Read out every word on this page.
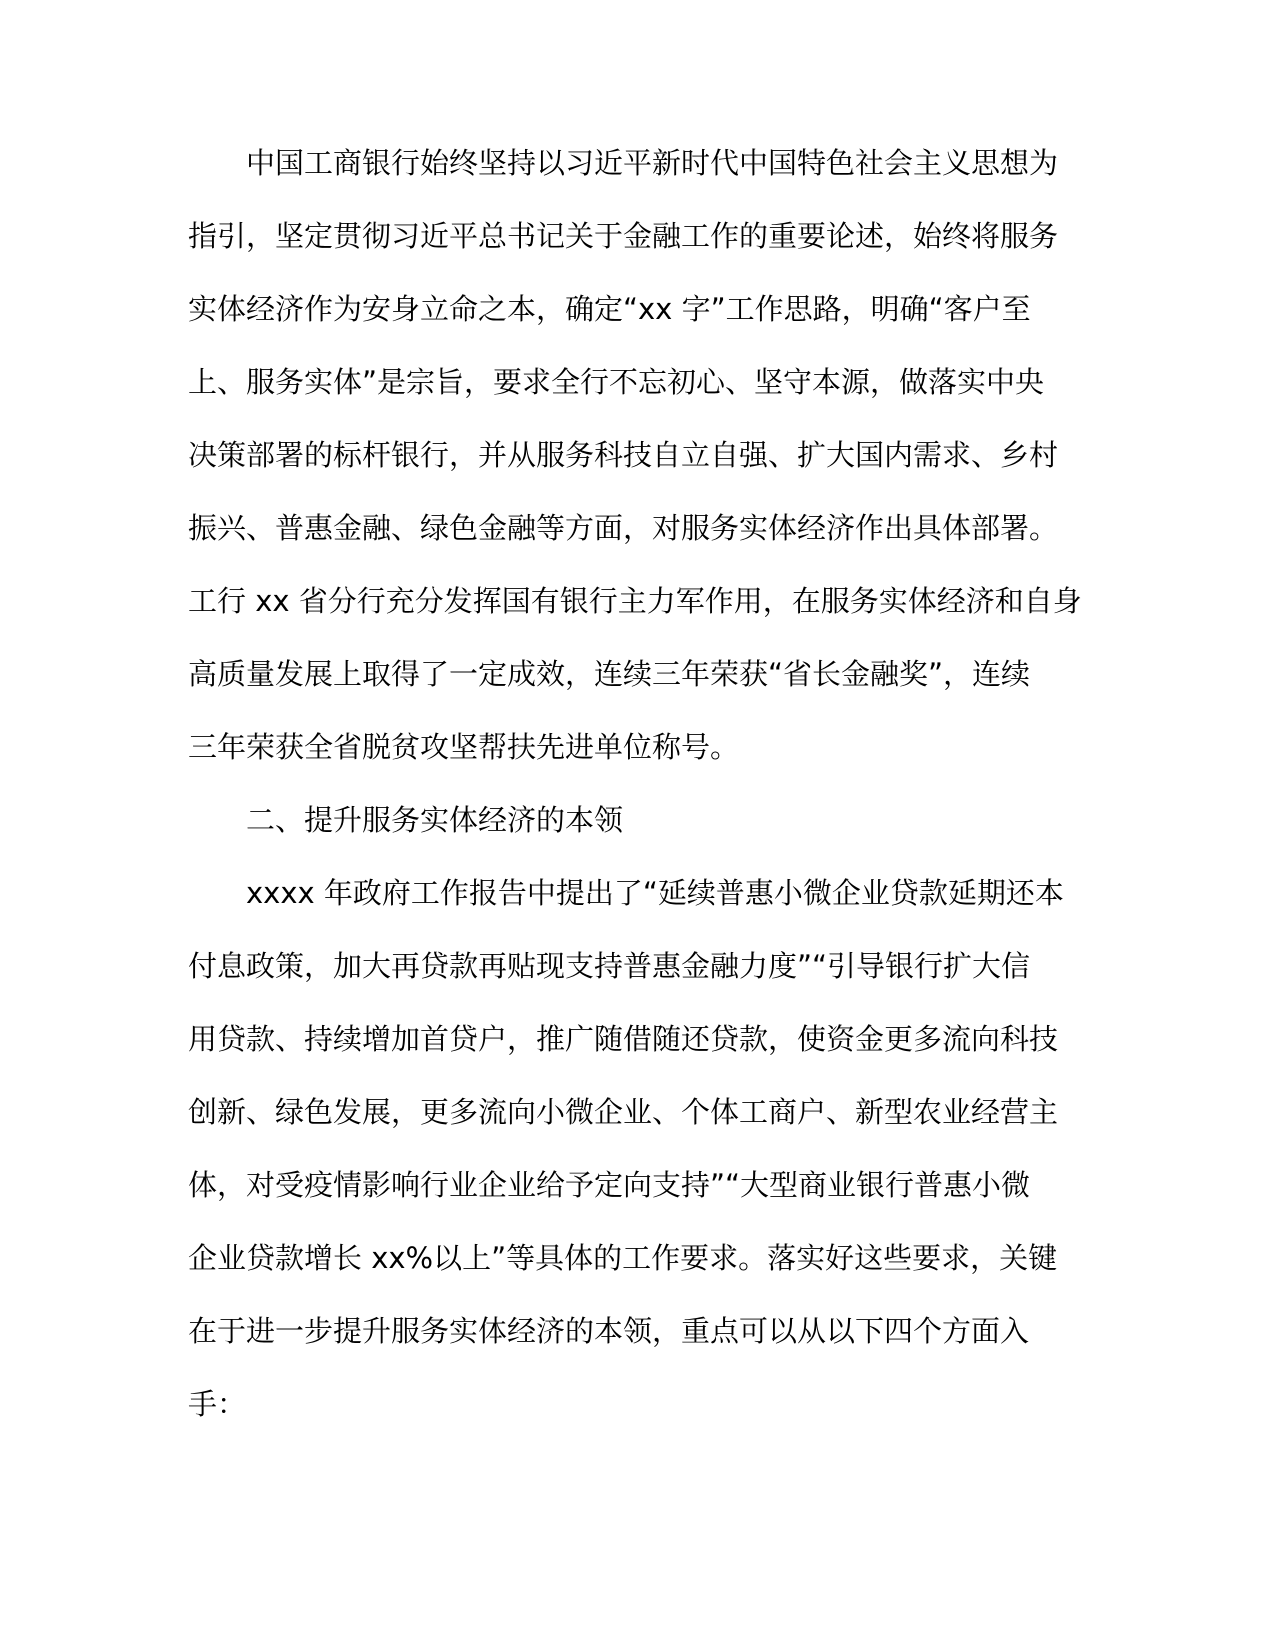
中国工商银行始终坚持以习近平新时代中国特色社会主义思想为
指引，坚定贯彻习近平总书记关于金融工作的重要论述，始终将服务
实体经济作为安身立命之本，确定“xx 字”工作思路，明确“客户至
上、服务实体”是宗旨，要求全行不忘初心、坚守本源，做落实中央
决策部署的标杆银行，并从服务科技自立自强、扩大国内需求、乡村
振兴、普惠金融、绿色金融等方面，对服务实体经济作出具体部署。
工行 xx 省分行充分发挥国有银行主力军作用，在服务实体经济和自身
高质量发展上取得了一定成效，连续三年荣获“省长金融奖”，连续
三年荣获全省脱贫攻坚帮扶先进单位称号。
二、提升服务实体经济的本领
xxxx 年政府工作报告中提出了“延续普惠小微企业贷款延期还本
付息政策，加大再贷款再贴现支持普惠金融力度”“引导银行扩大信
用贷款、持续增加首贷户，推广随借随还贷款，使资金更多流向科技
创新、绿色发展，更多流向小微企业、个体工商户、新型农业经营主
体，对受疫情影响行业企业给予定向支持”“大型商业银行普惠小微
企业贷款增长 xx%以上”等具体的工作要求。落实好这些要求，关键
在于进一步提升服务实体经济的本领，重点可以从以下四个方面入
手：
